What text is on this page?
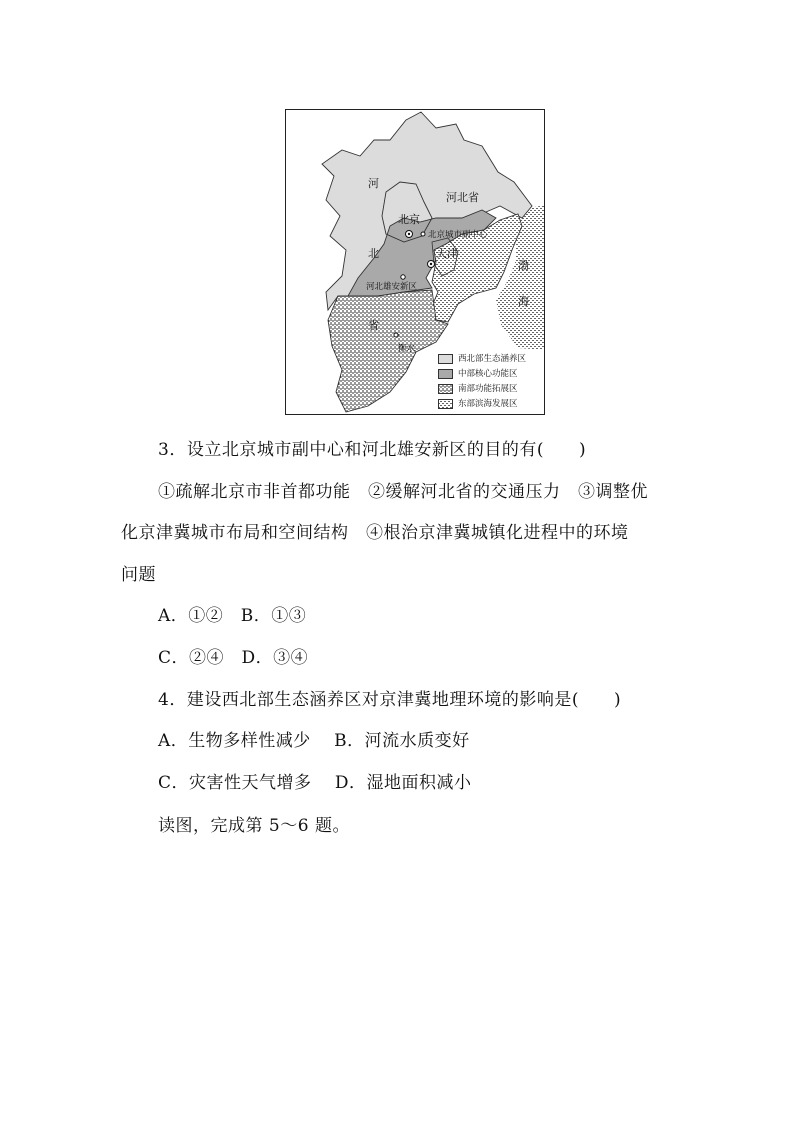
河
北
省
河北省
北京
北京城市副中心
天津
河北雄安新区
衡水
渤
海
西北部生态涵养区
中部核心功能区
南部功能拓展区
东部滨海发展区
3．设立北京城市副中心和河北雄安新区的目的有(　　)
①疏解北京市非首都功能　②缓解河北省的交通压力　③调整优
化京津冀城市布局和空间结构　④根治京津冀城镇化进程中的环境
问题
A．①②　B．①③
C．②④　D．③④
4．建设西北部生态涵养区对京津冀地理环境的影响是(　　)
A．生物多样性减少　 B．河流水质变好
C．灾害性天气增多　 D．湿地面积减小
读图，完成第 5～6 题。
